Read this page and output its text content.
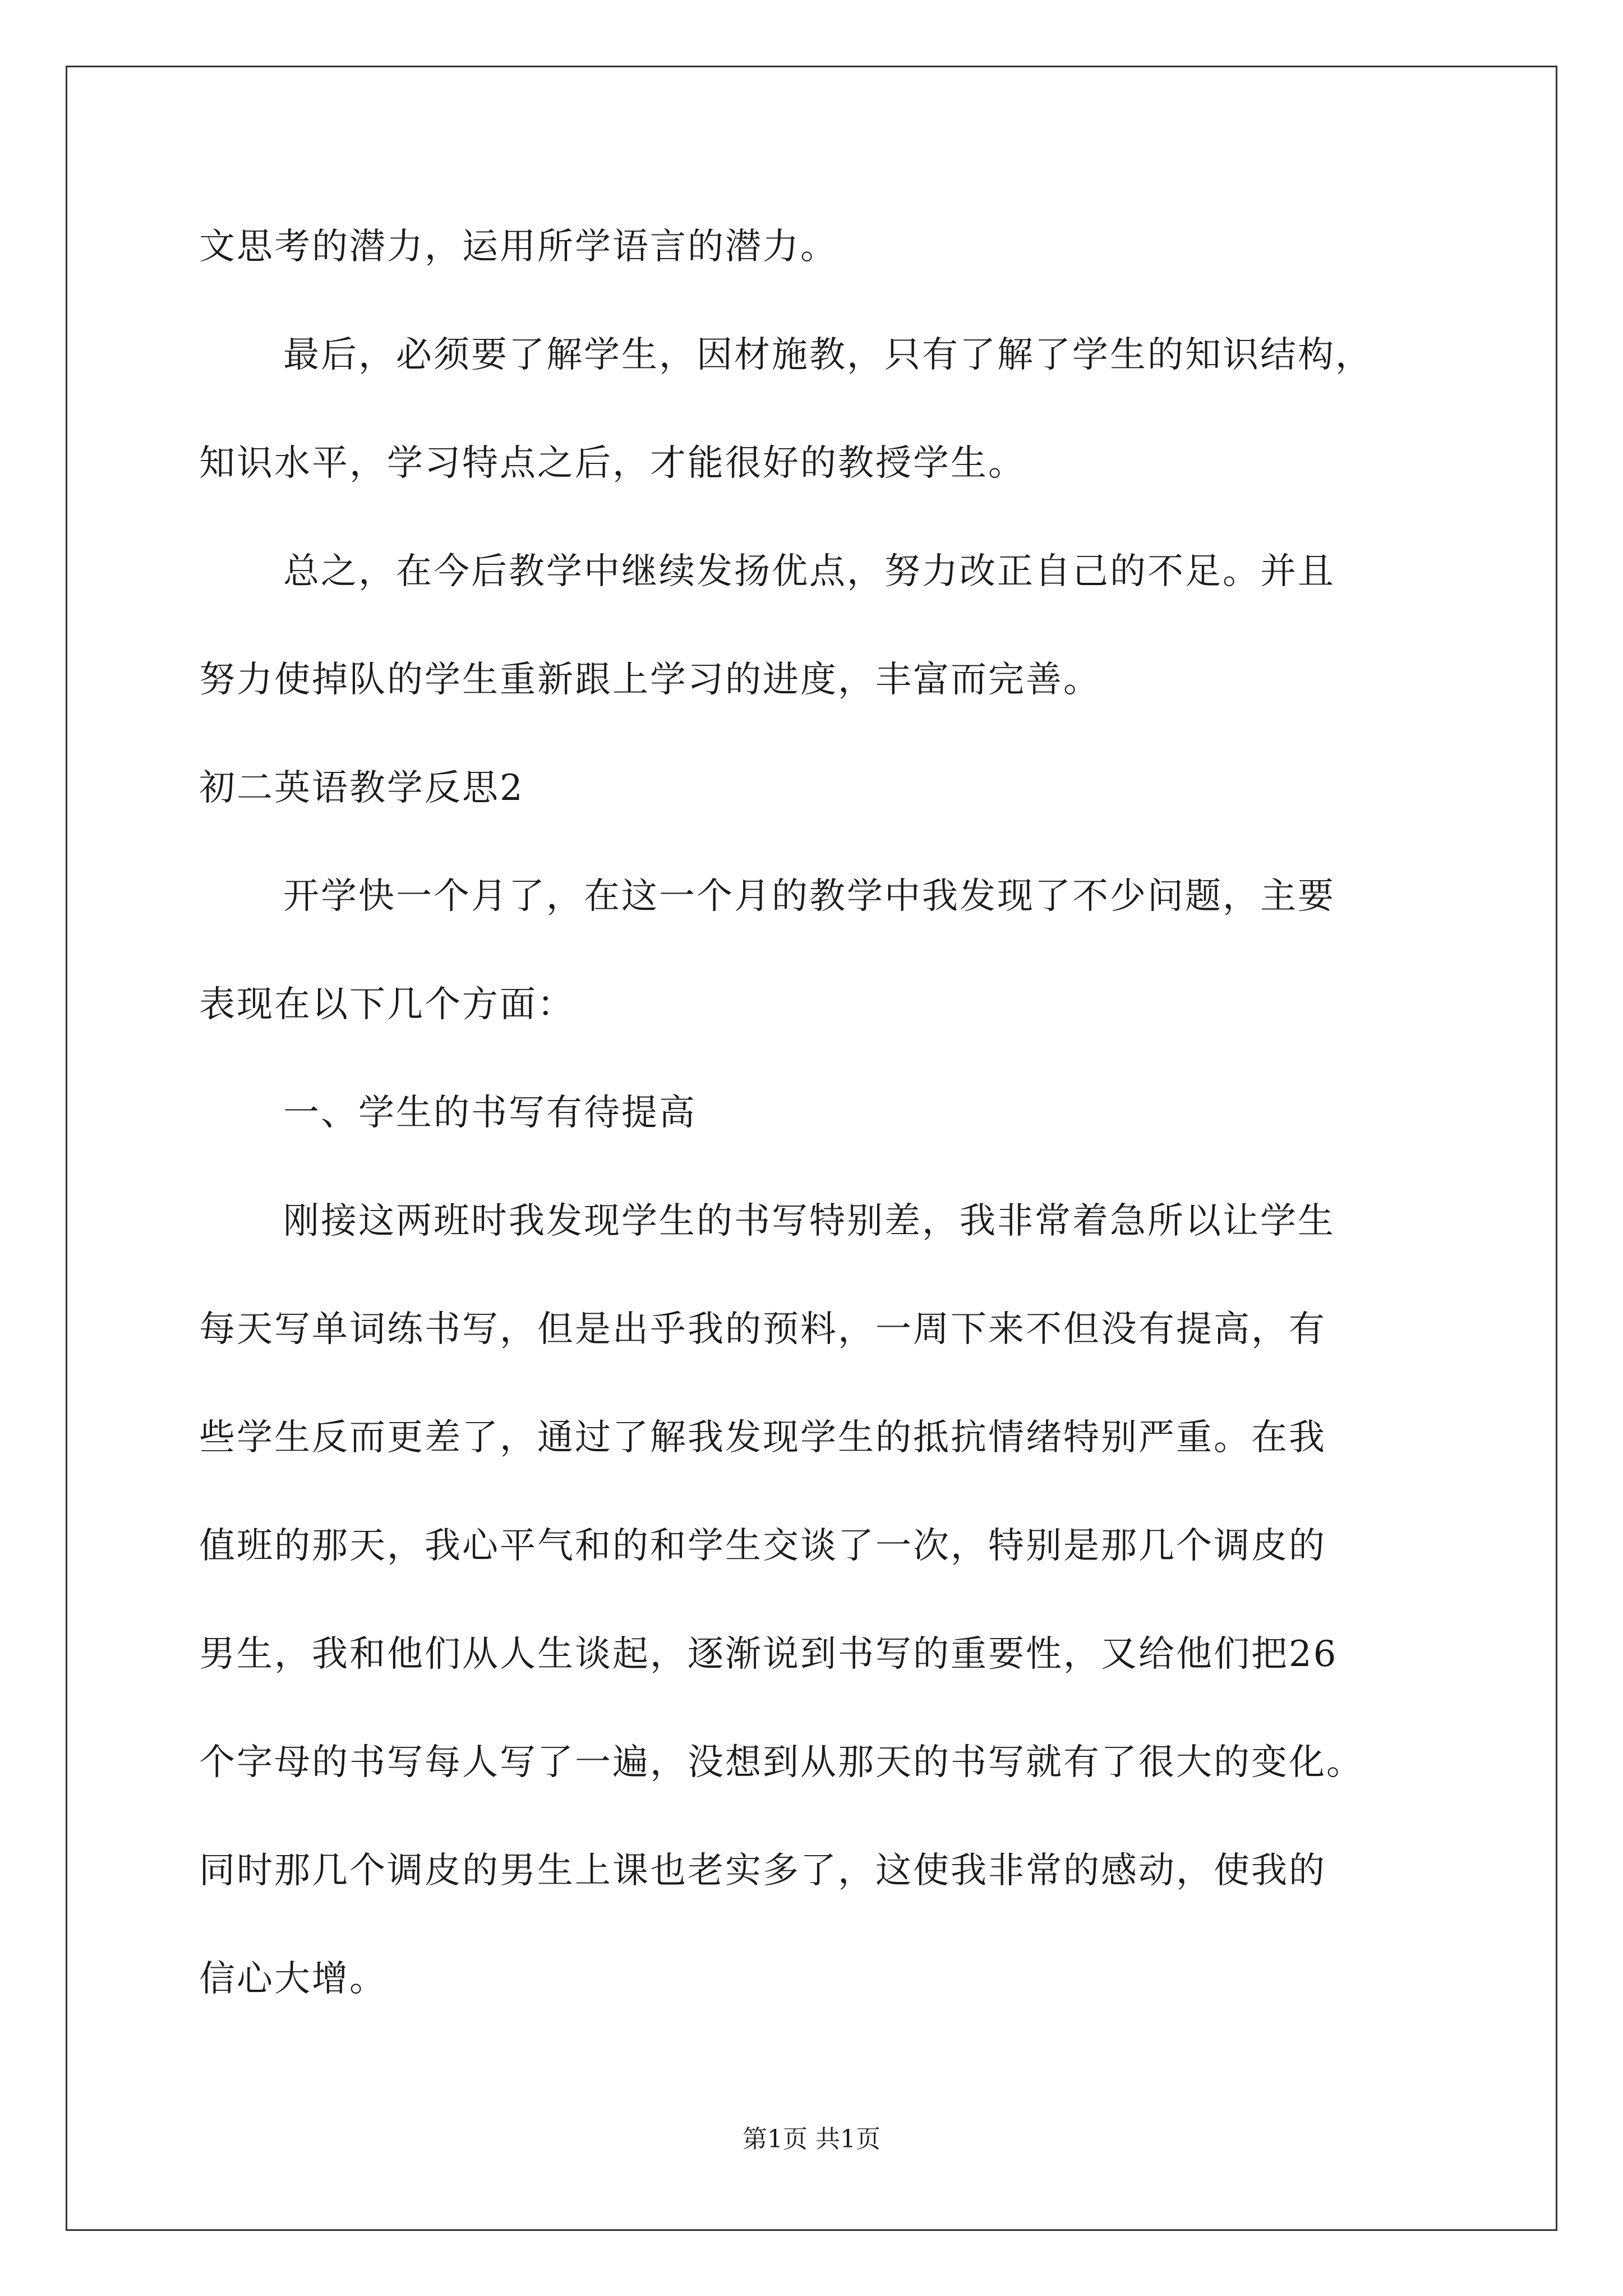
文思考的潜力，运用所学语言的潜力。
最后，必须要了解学生，因材施教，只有了解了学生的知识结构，
知识水平，学习特点之后，才能很好的教授学生。
总之，在今后教学中继续发扬优点，努力改正自己的不足。并且
努力使掉队的学生重新跟上学习的进度，丰富而完善。
初二英语教学反思2
开学快一个月了，在这一个月的教学中我发现了不少问题，主要
表现在以下几个方面：
一、学生的书写有待提高
刚接这两班时我发现学生的书写特别差，我非常着急所以让学生
每天写单词练书写，但是出乎我的预料，一周下来不但没有提高，有
些学生反而更差了，通过了解我发现学生的抵抗情绪特别严重。在我
值班的那天，我心平气和的和学生交谈了一次，特别是那几个调皮的
男生，我和他们从人生谈起，逐渐说到书写的重要性，又给他们把26
个字母的书写每人写了一遍，没想到从那天的书写就有了很大的变化。
同时那几个调皮的男生上课也老实多了，这使我非常的感动，使我的
信心大增。
第1页 共1页
